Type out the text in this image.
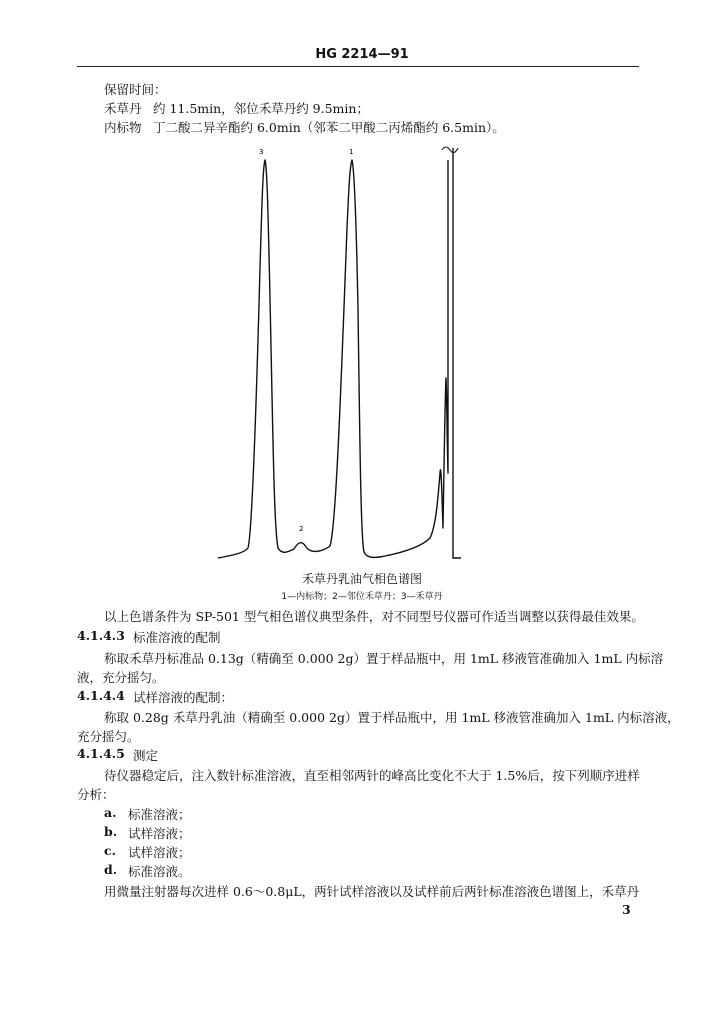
HG 2214—91
保留时间：
禾草丹 约 11.5min，邻位禾草丹约 9.5min；
内标物 丁二酸二异辛酯约 6.0min（邻苯二甲酸二丙烯酯约 6.5min）。
3	1
2
禾草丹乳油气相色谱图
1—内标物；2—邻位禾草丹；3—禾草丹
以上色谱条件为 SP-501 型气相色谱仪典型条件，对不同型号仪器可作适当调整以获得最佳效果。
4.1.4.3 标准溶液的配制
称取禾草丹标准品 0.13g（精确至 0.000 2g）置于样品瓶中，用 1mL 移液管准确加入 1mL 内标溶
液，充分摇匀。
4.1.4.4 试样溶液的配制：
称取 0.28g 禾草丹乳油（精确至 0.000 2g）置于样品瓶中，用 1mL 移液管准确加入 1mL 内标溶液，
充分摇匀。
4.1.4.5 测定
待仪器稳定后，注入数针标准溶液，直至相邻两针的峰高比变化不大于 1.5%后，按下列顺序进样
分析：
a. 标准溶液；
b. 试样溶液；
c. 试样溶液；
d. 标准溶液。
用微量注射器每次进样 0.6～0.8μL，两针试样溶液以及试样前后两针标准溶液色谱图上，禾草丹
3
